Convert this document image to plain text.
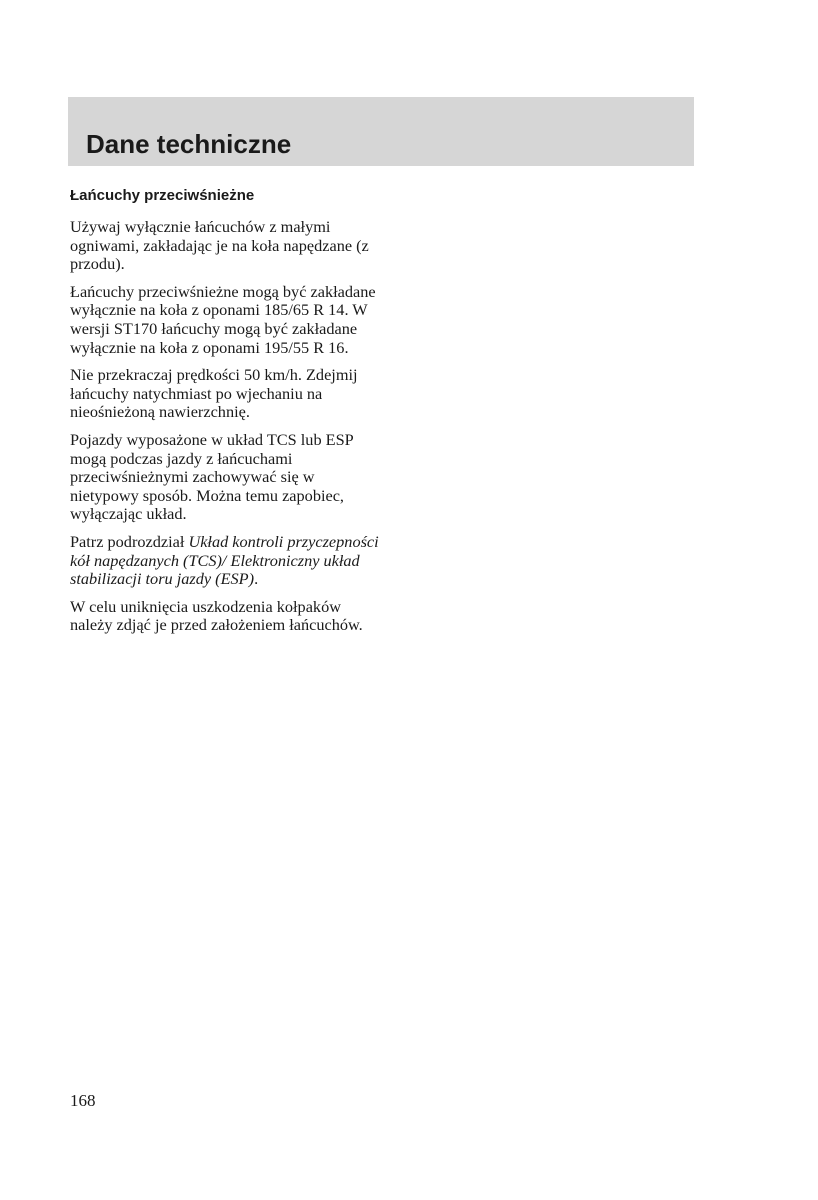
Dane techniczne
Łańcuchy przeciwśnieżne

Używaj wyłącznie łańcuchów z małymi ogniwami, zakładając je na koła napędzane (z przodu).

Łańcuchy przeciwśnieżne mogą być zakładane wyłącznie na koła z oponami 185/65 R 14. W wersji ST170 łańcuchy mogą być zakładane wyłącznie na koła z oponami 195/55 R 16.

Nie przekraczaj prędkości 50 km/h. Zdejmij łańcuchy natychmiast po wjechaniu na nieośnieżoną nawierzchnię.

Pojazdy wyposażone w układ TCS lub ESP mogą podczas jazdy z łańcuchami przeciwśnieżnymi zachowywać się w nietypowy sposób. Można temu zapobiec, wyłączając układ.

Patrz podrozdział Układ kontroli przyczepności kół napędzanych (TCS)/ Elektroniczny układ stabilizacji toru jazdy (ESP).

W celu uniknięcia uszkodzenia kołpaków należy zdjąć je przed założeniem łańcuchów.

168
